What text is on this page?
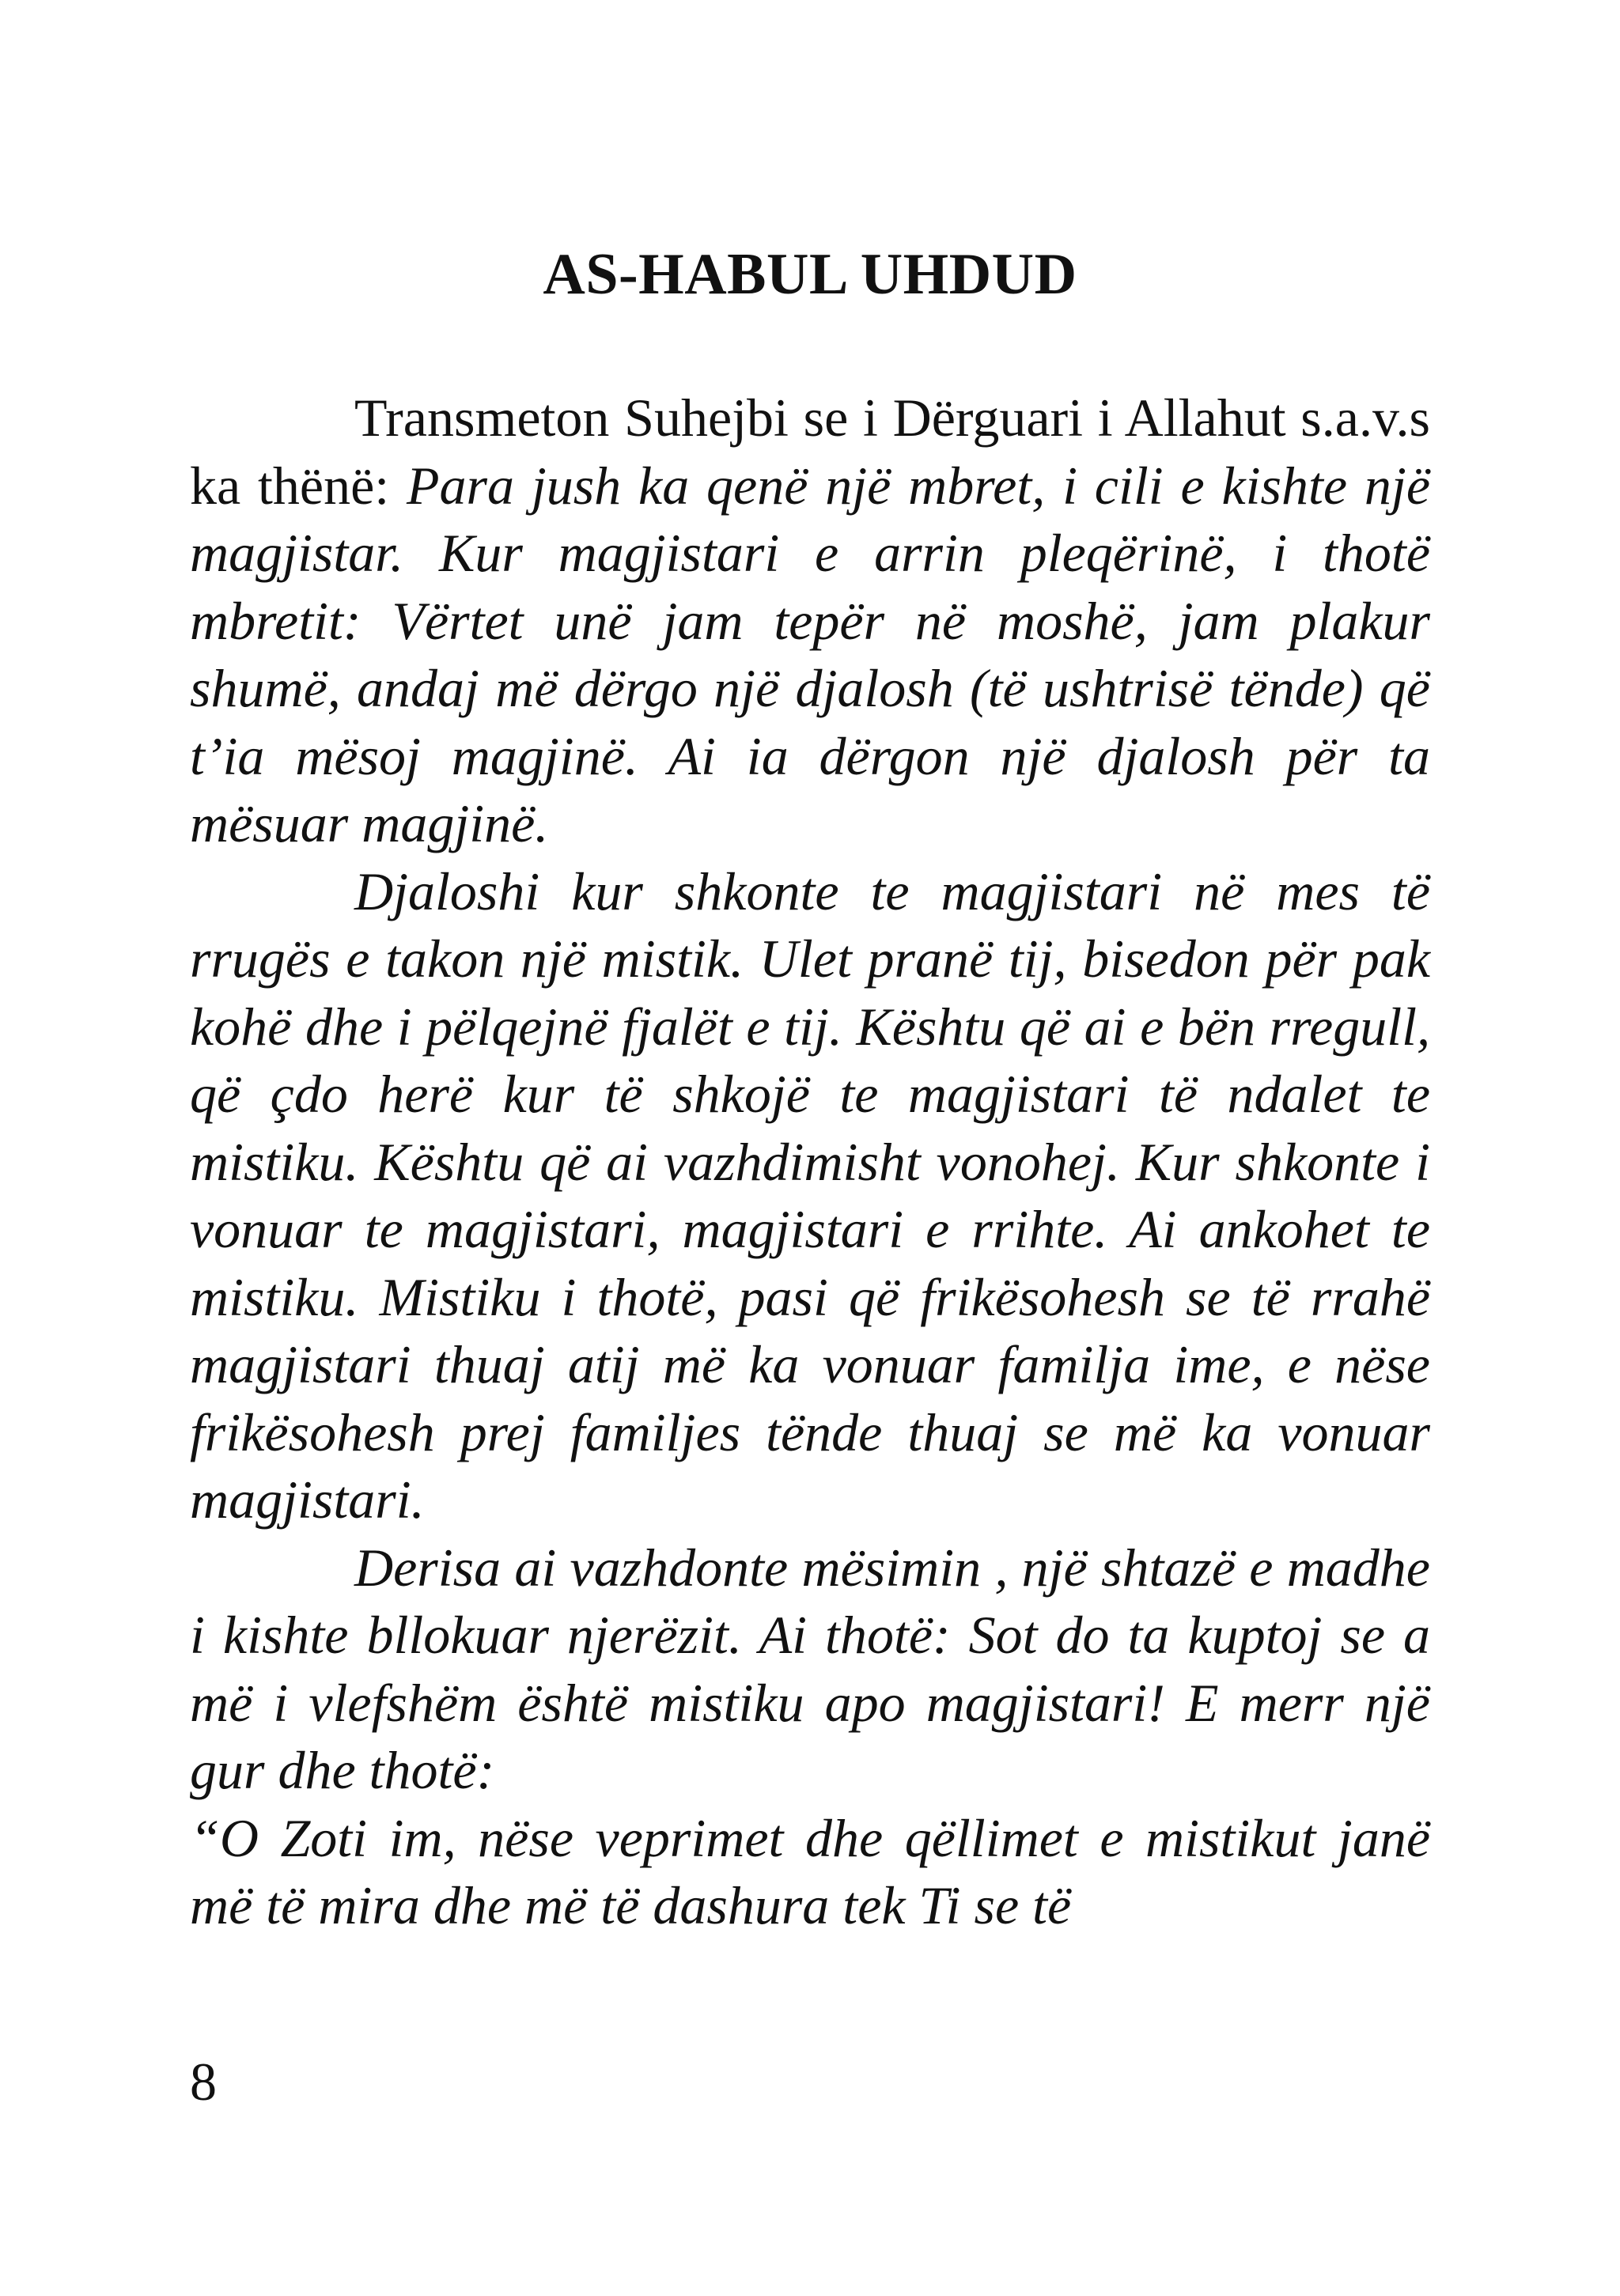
AS-HABUL UHDUD

Transmeton Suhejbi se i Dërguari i Allahut s.a.v.s ka thënë: Para jush ka qenë një mbret, i cili e kishte një magjistar. Kur magjistari e arrin pleqërinë, i thotë mbretit: Vërtet unë jam tepër në moshë, jam plakur shumë, andaj më dërgo një djalosh (të ushtrisë tënde) që t’ia mësoj magjinë. Ai ia dërgon një djalosh për ta mësuar magjinë.

Djaloshi kur shkonte te magjistari në mes të rrugës e takon një mistik. Ulet pranë tij, bisedon për pak kohë dhe i pëlqejnë fjalët e tij. Kështu që ai e bën rregull, që çdo herë kur të shkojë te magjistari të ndalet te mistiku. Kështu që ai vazhdimisht vonohej. Kur shkonte i vonuar te magjistari, magjistari e rrihte. Ai ankohet te mistiku. Mistiku i thotë, pasi që frikësohesh se të rrahë magjistari thuaj atij më ka vonuar familja ime, e nëse frikësohesh prej familjes tënde thuaj se më ka vonuar magjistari.

Derisa ai vazhdonte mësimin , një shtazë e madhe i kishte bllokuar njerëzit. Ai thotë: Sot do ta kuptoj se a më i vlefshëm është mistiku apo magjistari! E merr një gur dhe thotë:

“O Zoti im, nëse veprimet dhe qëllimet e mistikut janë më të mira dhe më të dashura tek Ti se të

8
